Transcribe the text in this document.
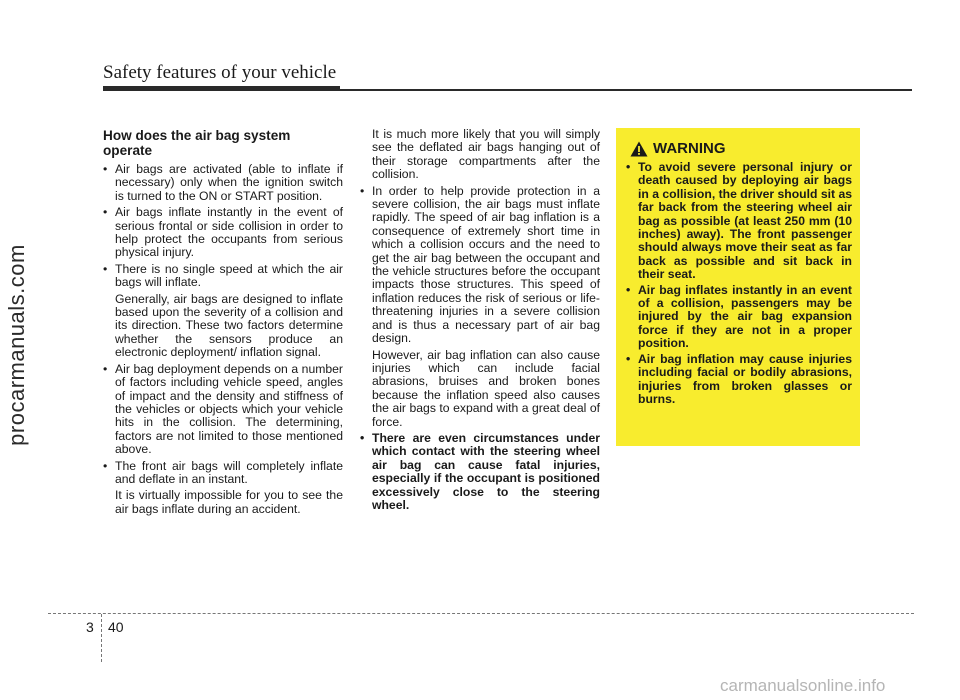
procarmanuals.com
Safety features of your vehicle
How does the air bag system operate
• Air bags are activated (able to inflate if necessary) only when the ignition switch is turned to the ON or START position.
• Air bags inflate instantly in the event of serious frontal or side collision in order to help protect the occupants from serious physical injury.
• There is no single speed at which the air bags will inflate.
Generally, air bags are designed to inflate based upon the severity of a collision and its direction. These two factors determine whether the sensors produce an electronic deployment/ inflation signal.
• Air bag deployment depends on a number of factors including vehicle speed, angles of impact and the density and stiffness of the vehicles or objects which your vehicle hits in the collision. The determining, factors are not limited to those mentioned above.
• The front air bags will completely inflate and deflate in an instant.
It is virtually impossible for you to see the air bags inflate during an accident.
It is much more likely that you will simply see the deflated air bags hanging out of their storage compartments after the collision.
• In order to help provide protection in a severe collision, the air bags must inflate rapidly. The speed of air bag inflation is a consequence of extremely short time in which a collision occurs and the need to get the air bag between the occupant and the vehicle structures before the occupant impacts those structures. This speed of inflation reduces the risk of serious or life-threatening injuries in a severe collision and is thus a necessary part of air bag design.
However, air bag inflation can also cause injuries which can include facial abrasions, bruises and broken bones because the inflation speed also causes the air bags to expand with a great deal of force.
• There are even circumstances under which contact with the steering wheel air bag can cause fatal injuries, especially if the occupant is positioned excessively close to the steering wheel.
WARNING
• To avoid severe personal injury or death caused by deploying air bags in a collision, the driver should sit as far back from the steering wheel air bag as possible (at least 250 mm (10 inches) away). The front passenger should always move their seat as far back as possible and sit back in their seat.
• Air bag inflates instantly in an event of a collision, passengers may be injured by the air bag expansion force if they are not in a proper position.
• Air bag inflation may cause injuries including facial or bodily abrasions, injuries from broken glasses or burns.
3 40
carmanualsonline.info
